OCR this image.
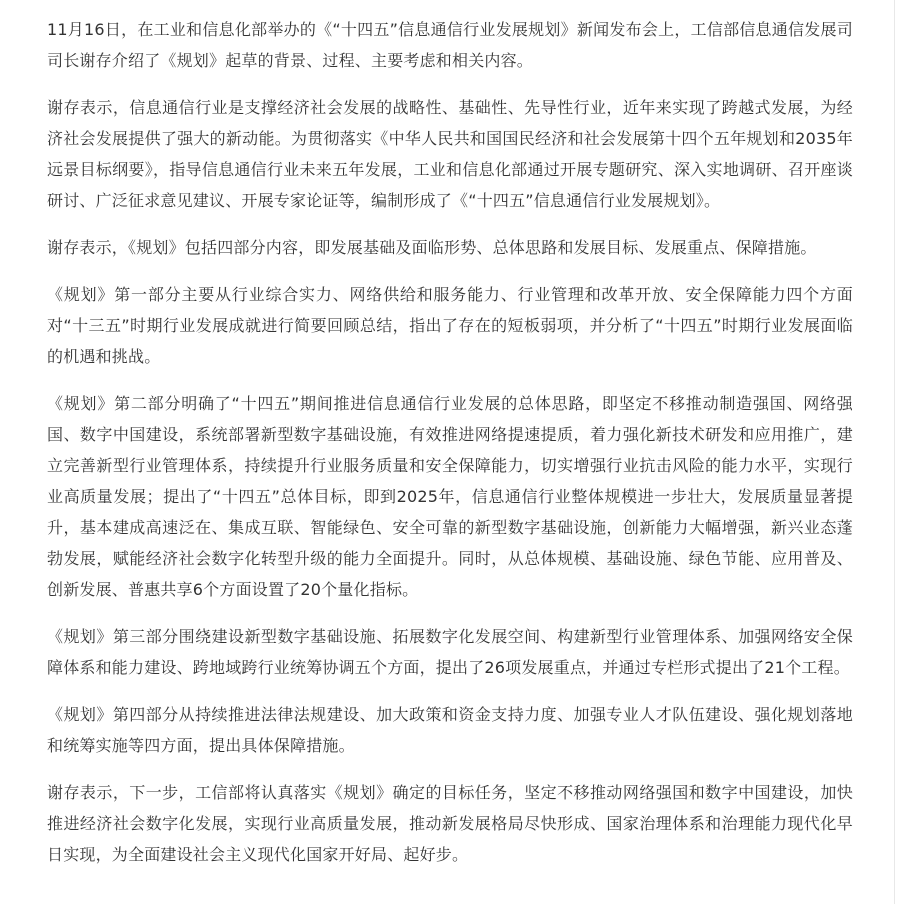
11月16日，在工业和信息化部举办的《“十四五”信息通信行业发展规划》新闻发布会上，工信部信息通信发展司司长谢存介绍了《规划》起草的背景、过程、主要考虑和相关内容。

谢存表示，信息通信行业是支撑经济社会发展的战略性、基础性、先导性行业，近年来实现了跨越式发展，为经济社会发展提供了强大的新动能。为贯彻落实《中华人民共和国国民经济和社会发展第十四个五年规划和2035年远景目标纲要》，指导信息通信行业未来五年发展，工业和信息化部通过开展专题研究、深入实地调研、召开座谈研讨、广泛征求意见建议、开展专家论证等，编制形成了《“十四五”信息通信行业发展规划》。

谢存表示，《规划》包括四部分内容，即发展基础及面临形势、总体思路和发展目标、发展重点、保障措施。

《规划》第一部分主要从行业综合实力、网络供给和服务能力、行业管理和改革开放、安全保障能力四个方面对“十三五”时期行业发展成就进行简要回顾总结，指出了存在的短板弱项，并分析了“十四五”时期行业发展面临的机遇和挑战。

《规划》第二部分明确了“十四五”期间推进信息通信行业发展的总体思路，即坚定不移推动制造强国、网络强国、数字中国建设，系统部署新型数字基础设施，有效推进网络提速提质，着力强化新技术研发和应用推广，建立完善新型行业管理体系，持续提升行业服务质量和安全保障能力，切实增强行业抗击风险的能力水平，实现行业高质量发展；提出了“十四五”总体目标，即到2025年，信息通信行业整体规模进一步壮大，发展质量显著提升，基本建成高速泛在、集成互联、智能绿色、安全可靠的新型数字基础设施，创新能力大幅增强，新兴业态蓬勃发展，赋能经济社会数字化转型升级的能力全面提升。同时，从总体规模、基础设施、绿色节能、应用普及、创新发展、普惠共享6个方面设置了20个量化指标。

《规划》第三部分围绕建设新型数字基础设施、拓展数字化发展空间、构建新型行业管理体系、加强网络安全保障体系和能力建设、跨地域跨行业统筹协调五个方面，提出了26项发展重点，并通过专栏形式提出了21个工程。

《规划》第四部分从持续推进法律法规建设、加大政策和资金支持力度、加强专业人才队伍建设、强化规划落地和统筹实施等四方面，提出具体保障措施。

谢存表示，下一步，工信部将认真落实《规划》确定的目标任务，坚定不移推动网络强国和数字中国建设，加快推进经济社会数字化发展，实现行业高质量发展，推动新发展格局尽快形成、国家治理体系和治理能力现代化早日实现，为全面建设社会主义现代化国家开好局、起好步。
